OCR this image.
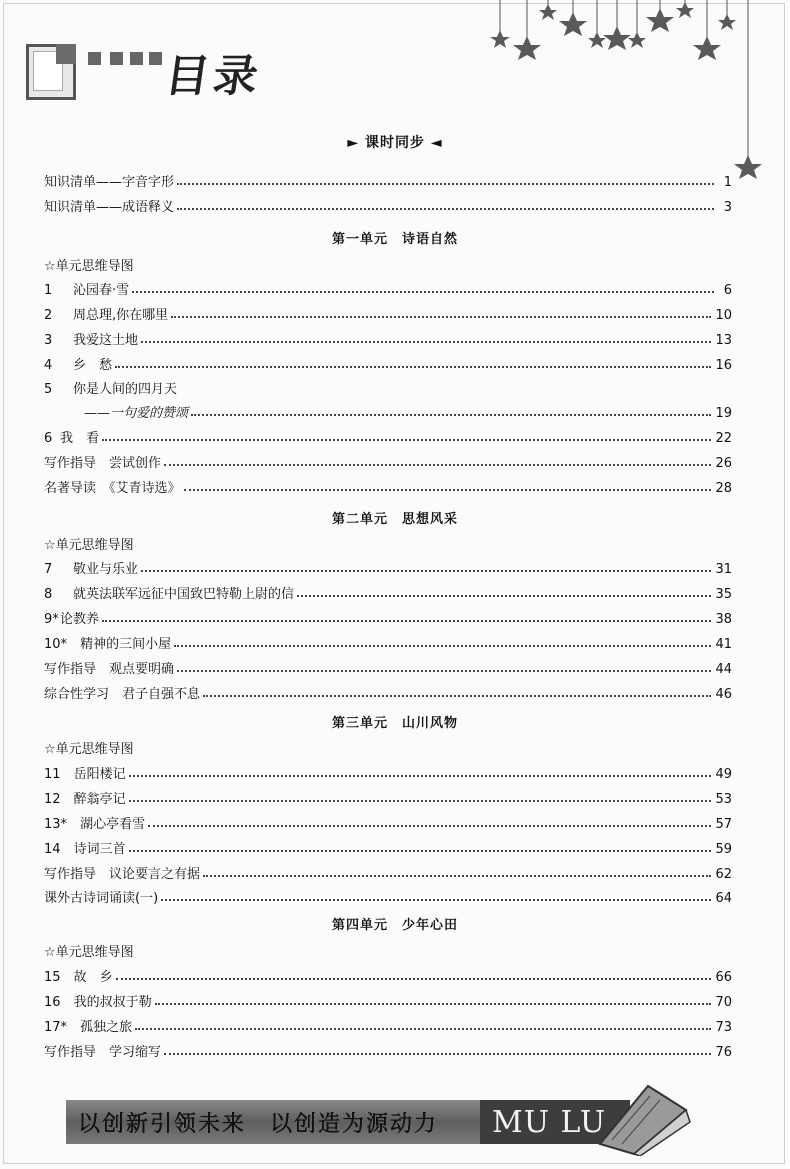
目录
► 课时同步 ◄
知识清单——字音字形	1
知识清单——成语释义	3
第一单元　诗语自然
☆单元思维导图
1　 沁园春·雪	6
2　 周总理,你在哪里	10
3　 我爱这土地	13
4　 乡　愁	16
5　 你是人间的四月天
——一句爱的赞颂	19
6 我　看	22
写作指导　尝试创作	26
名著导读　《艾青诗选》	28
第二单元　思想风采
☆单元思维导图
7　 敬业与乐业	31
8　 就英法联军远征中国致巴特勒上尉的信	35
9*论教养	38
10*　 精神的三间小屋	41
写作指导　观点要明确	44
综合性学习　君子自强不息	46
第三单元　山川风物
☆单元思维导图
11　 岳阳楼记	49
12　 醉翁亭记	53
13*　 湖心亭看雪	57
14　 诗词三首	59
写作指导　议论要言之有据	62
课外古诗词诵读(一)	64
第四单元　少年心田
☆单元思维导图
15　 故　乡	66
16　 我的叔叔于勒	70
17*　 孤独之旅	73
写作指导　学习缩写	76
以创新引领未来　以创造为源动力 MU LU
